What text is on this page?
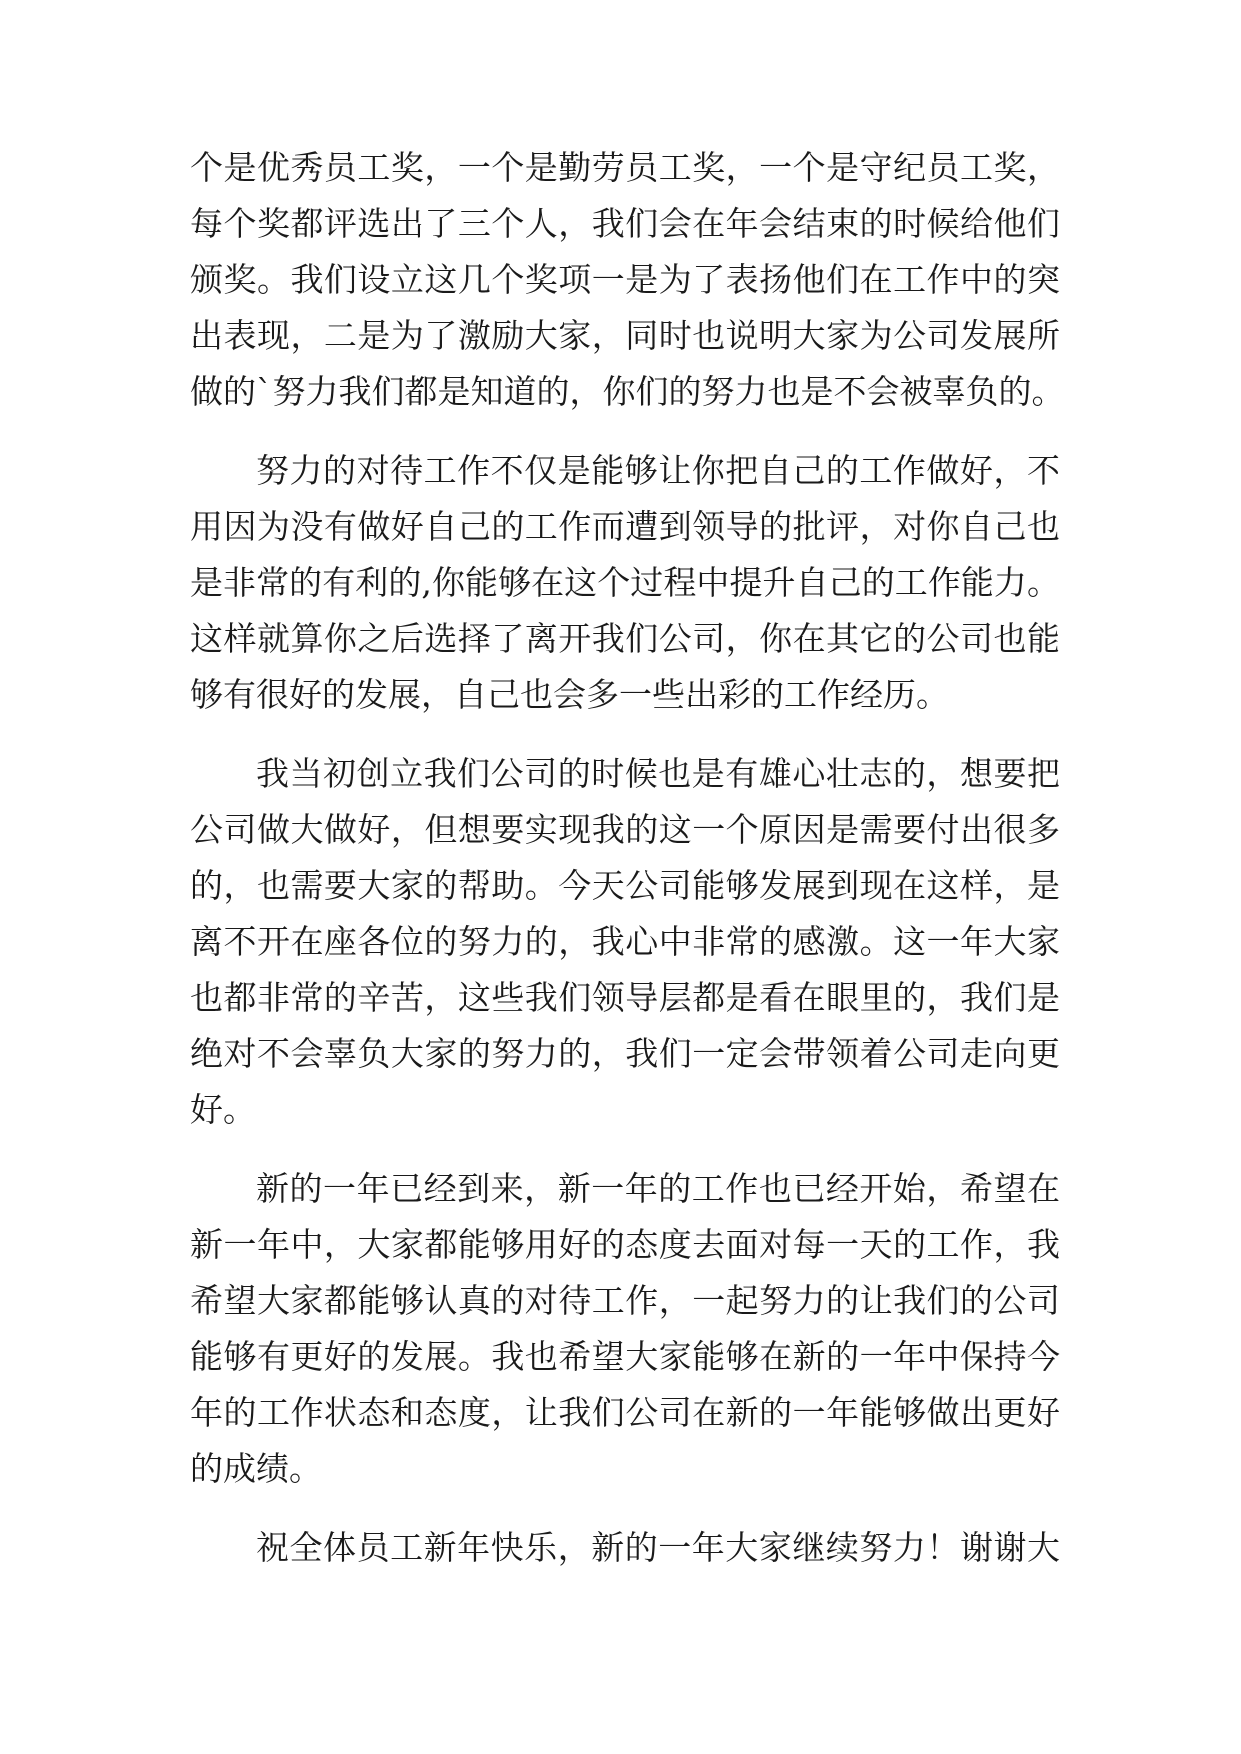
个是优秀员工奖，一个是勤劳员工奖，一个是守纪员工奖，
每个奖都评选出了三个人，我们会在年会结束的时候给他们
颁奖。我们设立这几个奖项一是为了表扬他们在工作中的突
出表现，二是为了激励大家，同时也说明大家为公司发展所
做的`努力我们都是知道的，你们的努力也是不会被辜负的。
努力的对待工作不仅是能够让你把自己的工作做好，不
用因为没有做好自己的工作而遭到领导的批评，对你自己也
是非常的有利的,你能够在这个过程中提升自己的工作能力。
这样就算你之后选择了离开我们公司，你在其它的公司也能
够有很好的发展，自己也会多一些出彩的工作经历。
我当初创立我们公司的时候也是有雄心壮志的，想要把
公司做大做好，但想要实现我的这一个原因是需要付出很多
的，也需要大家的帮助。今天公司能够发展到现在这样，是
离不开在座各位的努力的，我心中非常的感激。这一年大家
也都非常的辛苦，这些我们领导层都是看在眼里的，我们是
绝对不会辜负大家的努力的，我们一定会带领着公司走向更
好。
新的一年已经到来，新一年的工作也已经开始，希望在
新一年中，大家都能够用好的态度去面对每一天的工作，我
希望大家都能够认真的对待工作，一起努力的让我们的公司
能够有更好的发展。我也希望大家能够在新的一年中保持今
年的工作状态和态度，让我们公司在新的一年能够做出更好
的成绩。
祝全体员工新年快乐，新的一年大家继续努力！谢谢大
